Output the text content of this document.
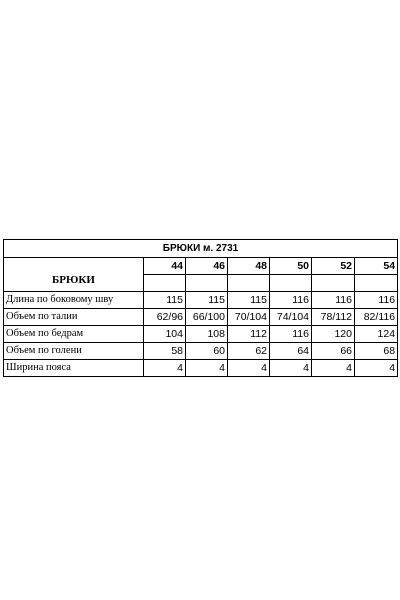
БРЮКИ м. 2731						
БРЮКИ	44	46	48	50	52	54

Длина по боковому шву	115	115	115	116	116	116
Объем по талии	62/96	66/100	70/104	74/104	78/112	82/116
Объем по бедрам	104	108	112	116	120	124
Объем по голени	58	60	62	64	66	68
Ширина пояса	4	4	4	4	4	4
